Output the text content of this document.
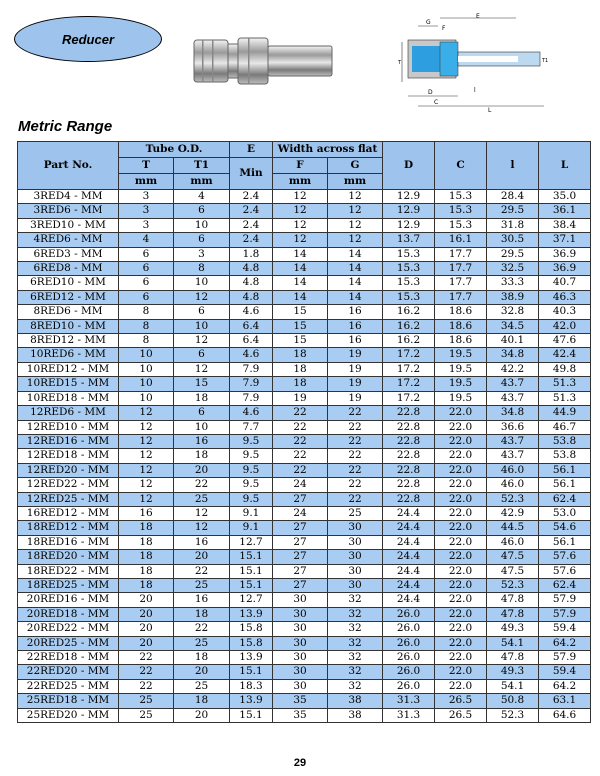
Reducer
E
G
F
T	T1
D
C
l
L
Metric Range
Part No.	Tube O.D.		E	Width across flat		D	C	l	L
	T	T1	Min	F	G				
	mm	mm		mm	mm				
3RED4 - MM	3	4	2.4	12	12	12.9	15.3	28.4	35.0
3RED6 - MM	3	6	2.4	12	12	12.9	15.3	29.5	36.1
3RED10 - MM	3	10	2.4	12	12	12.9	15.3	31.8	38.4
4RED6 - MM	4	6	2.4	12	12	13.7	16.1	30.5	37.1
6RED3 - MM	6	3	1.8	14	14	15.3	17.7	29.5	36.9
6RED8 - MM	6	8	4.8	14	14	15.3	17.7	32.5	36.9
6RED10 - MM	6	10	4.8	14	14	15.3	17.7	33.3	40.7
6RED12 - MM	6	12	4.8	14	14	15.3	17.7	38.9	46.3
8RED6 - MM	8	6	4.6	15	16	16.2	18.6	32.8	40.3
8RED10 - MM	8	10	6.4	15	16	16.2	18.6	34.5	42.0
8RED12 - MM	8	12	6.4	15	16	16.2	18.6	40.1	47.6
10RED6 - MM	10	6	4.6	18	19	17.2	19.5	34.8	42.4
10RED12 - MM	10	12	7.9	18	19	17.2	19.5	42.2	49.8
10RED15 - MM	10	15	7.9	18	19	17.2	19.5	43.7	51.3
10RED18 - MM	10	18	7.9	19	19	17.2	19.5	43.7	51.3
12RED6 - MM	12	6	4.6	22	22	22.8	22.0	34.8	44.9
12RED10 - MM	12	10	7.7	22	22	22.8	22.0	36.6	46.7
12RED16 - MM	12	16	9.5	22	22	22.8	22.0	43.7	53.8
12RED18 - MM	12	18	9.5	22	22	22.8	22.0	43.7	53.8
12RED20 - MM	12	20	9.5	22	22	22.8	22.0	46.0	56.1
12RED22 - MM	12	22	9.5	24	22	22.8	22.0	46.0	56.1
12RED25 - MM	12	25	9.5	27	22	22.8	22.0	52.3	62.4
16RED12 - MM	16	12	9.1	24	25	24.4	22.0	42.9	53.0
18RED12 - MM	18	12	9.1	27	30	24.4	22.0	44.5	54.6
18RED16 - MM	18	16	12.7	27	30	24.4	22.0	46.0	56.1
18RED20 - MM	18	20	15.1	27	30	24.4	22.0	47.5	57.6
18RED22 - MM	18	22	15.1	27	30	24.4	22.0	47.5	57.6
18RED25 - MM	18	25	15.1	27	30	24.4	22.0	52.3	62.4
20RED16 - MM	20	16	12.7	30	32	24.4	22.0	47.8	57.9
20RED18 - MM	20	18	13.9	30	32	26.0	22.0	47.8	57.9
20RED22 - MM	20	22	15.8	30	32	26.0	22.0	49.3	59.4
20RED25 - MM	20	25	15.8	30	32	26.0	22.0	54.1	64.2
22RED18 - MM	22	18	13.9	30	32	26.0	22.0	47.8	57.9
22RED20 - MM	22	20	15.1	30	32	26.0	22.0	49.3	59.4
22RED25 - MM	22	25	18.3	30	32	26.0	22.0	54.1	64.2
25RED18 - MM	25	18	13.9	35	38	31.3	26.5	50.8	63.1
25RED20 - MM	25	20	15.1	35	38	31.3	26.5	52.3	64.6
29
